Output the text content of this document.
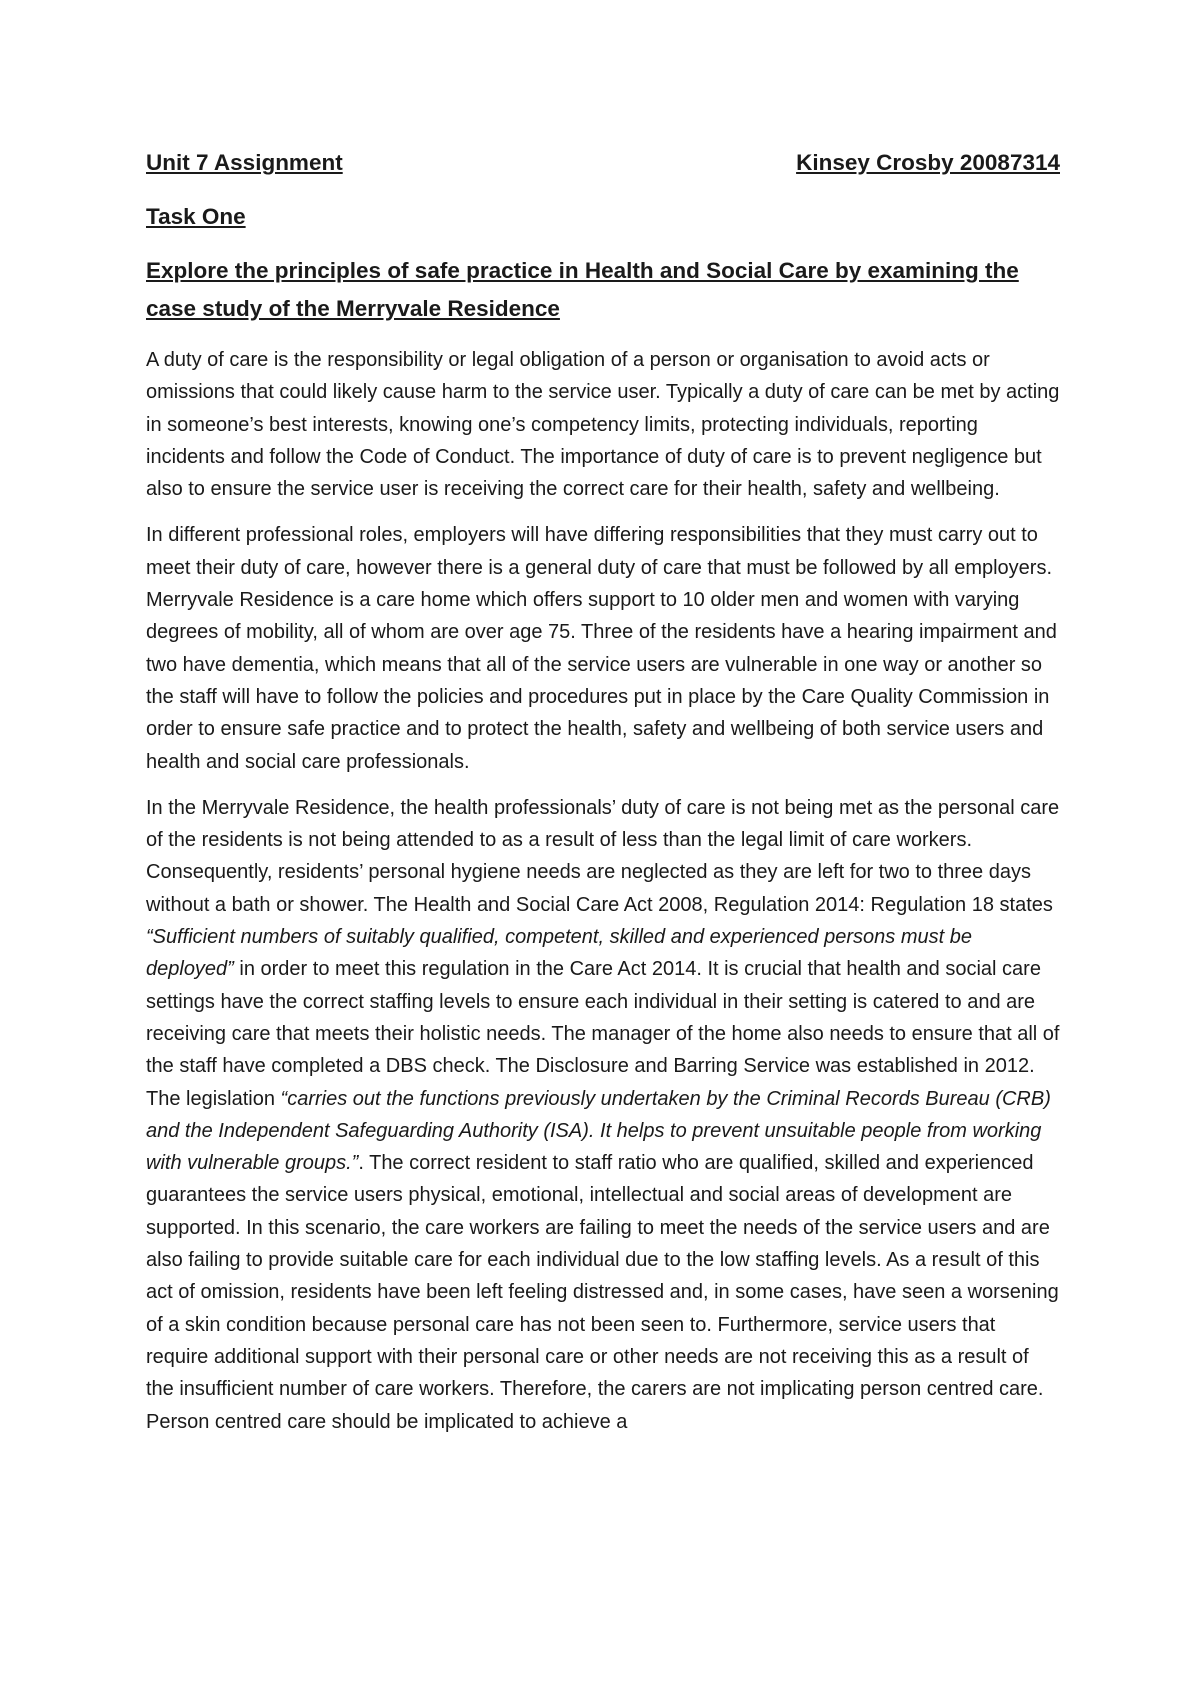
Unit 7 Assignment	Kinsey Crosby 20087314
Task One
Explore the principles of safe practice in Health and Social Care by examining the case study of the Merryvale Residence

A duty of care is the responsibility or legal obligation of a person or organisation to avoid acts or omissions that could likely cause harm to the service user. Typically a duty of care can be met by acting in someone’s best interests, knowing one’s competency limits, protecting individuals, reporting incidents and follow the Code of Conduct. The importance of duty of care is to prevent negligence but also to ensure the service user is receiving the correct care for their health, safety and wellbeing.

In different professional roles, employers will have differing responsibilities that they must carry out to meet their duty of care, however there is a general duty of care that must be followed by all employers. Merryvale Residence is a care home which offers support to 10 older men and women with varying degrees of mobility, all of whom are over age 75. Three of the residents have a hearing impairment and two have dementia, which means that all of the service users are vulnerable in one way or another so the staff will have to follow the policies and procedures put in place by the Care Quality Commission in order to ensure safe practice and to protect the health, safety and wellbeing of both service users and health and social care professionals.

In the Merryvale Residence, the health professionals’ duty of care is not being met as the personal care of the residents is not being attended to as a result of less than the legal limit of care workers. Consequently, residents’ personal hygiene needs are neglected as they are left for two to three days without a bath or shower. The Health and Social Care Act 2008, Regulation 2014: Regulation 18 states “Sufficient numbers of suitably qualified, competent, skilled and experienced persons must be deployed” in order to meet this regulation in the Care Act 2014. It is crucial that health and social care settings have the correct staffing levels to ensure each individual in their setting is catered to and are receiving care that meets their holistic needs. The manager of the home also needs to ensure that all of the staff have completed a DBS check. The Disclosure and Barring Service was established in 2012. The legislation “carries out the functions previously undertaken by the Criminal Records Bureau (CRB) and the Independent Safeguarding Authority (ISA). It helps to prevent unsuitable people from working with vulnerable groups.”. The correct resident to staff ratio who are qualified, skilled and experienced guarantees the service users physical, emotional, intellectual and social areas of development are supported. In this scenario, the care workers are failing to meet the needs of the service users and are also failing to provide suitable care for each individual due to the low staffing levels. As a result of this act of omission, residents have been left feeling distressed and, in some cases, have seen a worsening of a skin condition because personal care has not been seen to. Furthermore, service users that require additional support with their personal care or other needs are not receiving this as a result of the insufficient number of care workers. Therefore, the carers are not implicating person centred care. Person centred care should be implicated to achieve a
